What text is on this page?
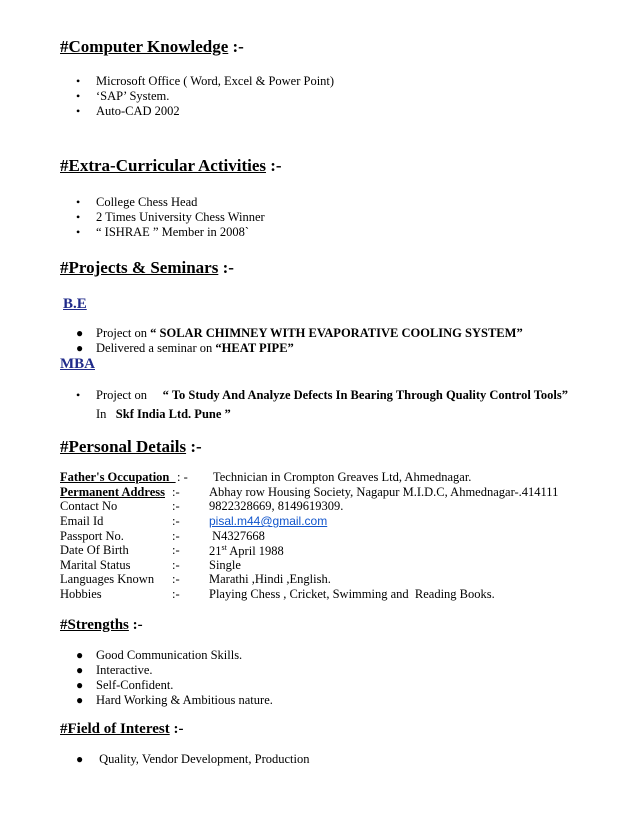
#Computer Knowledge :-
• Microsoft Office ( Word, Excel & Power Point)
• ‘SAP’ System.
• Auto-CAD 2002
#Extra-Curricular Activities :-
• College Chess Head
• 2 Times University Chess Winner
• “ ISHRAE ” Member in 2008`
#Projects & Seminars :-
B.E
● Project on “ SOLAR CHIMNEY WITH EVAPORATIVE COOLING SYSTEM”
● Delivered a seminar on “HEAT PIPE”
MBA
• Project on     “ To Study And Analyze Defects In Bearing Through Quality Control Tools”
In   Skf India Ltd. Pune ”
#Personal Details :-
Father's Occupation : - Technician in Crompton Greaves Ltd, Ahmednagar.
Permanent Address :- Abhay row Housing Society, Nagapur M.I.D.C, Ahmednagar-.414111
Contact No	:- 9822328669, 8149619309.
Email Id	:- pisal.m44@gmail.com
Passport No.	:- N4327668
Date Of Birth	:- 21st April 1988
Marital Status	:- Single
Languages Known :- Marathi ,Hindi ,English.
Hobbies	:- Playing Chess , Cricket, Swimming and  Reading Books.
#Strengths :-
● Good Communication Skills.
● Interactive.
● Self-Confident.
● Hard Working & Ambitious nature.
#Field of Interest :-
● Quality, Vendor Development, Production
